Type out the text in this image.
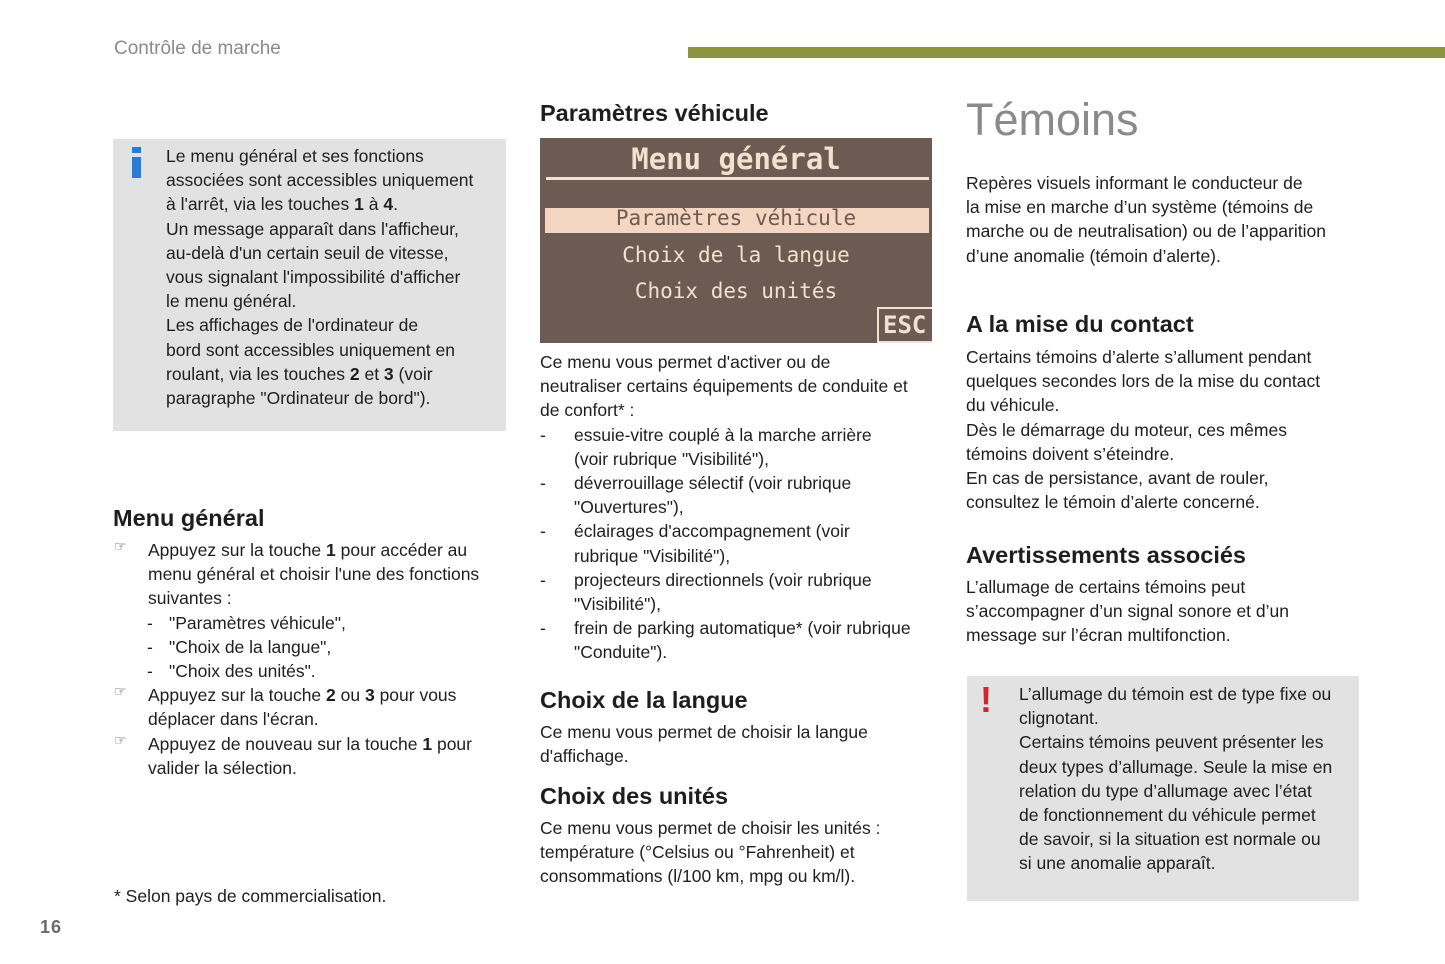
Contrôle de marche
16

Le menu général et ses fonctions

associées sont accessibles uniquement

à l'arrêt, via les touches 1 à 4.

Un message apparaît dans l'afficheur,

au-delà d'un certain seuil de vitesse,

vous signalant l'impossibilité d'afficher

le menu général.

Les affichages de l'ordinateur de

bord sont accessibles uniquement en

roulant, via les touches 2 et 3 (voir

paragraphe "Ordinateur de bord").

Menu général
☞ Appuyez sur la touche 1 pour accéder au

menu général et choisir l'une des fonctions

suivantes :

- "Paramètres véhicule",

- "Choix de la langue",

- "Choix des unités".

☞ Appuyez sur la touche 2 ou 3 pour vous

déplacer dans l'écran.

☞ Appuyez de nouveau sur la touche 1 pour

valider la sélection.

* Selon pays de commercialisation.

Paramètres véhicule
Menu général
Paramètres véhicule
Choix de la langue
Choix des unités
ESC

Ce menu vous permet d'activer ou de

neutraliser certains équipements de conduite et

de confort* :

- essuie-vitre couplé à la marche arrière

(voir rubrique "Visibilité"),

- déverrouillage sélectif (voir rubrique

"Ouvertures"),

- éclairages d'accompagnement (voir

rubrique "Visibilité"),

- projecteurs directionnels (voir rubrique

"Visibilité"),

- frein de parking automatique* (voir rubrique

"Conduite").

Choix de la langue

Ce menu vous permet de choisir la langue

d'affichage.

Choix des unités

Ce menu vous permet de choisir les unités :

température (°Celsius ou °Fahrenheit) et

consommations (l/100 km, mpg ou km/l).

Témoins

Repères visuels informant le conducteur de

la mise en marche d’un système (témoins de

marche ou de neutralisation) ou de l’apparition

d’une anomalie (témoin d’alerte).

A la mise du contact

Certains témoins d’alerte s’allument pendant

quelques secondes lors de la mise du contact

du véhicule.

Dès le démarrage du moteur, ces mêmes

témoins doivent s’éteindre.

En cas de persistance, avant de rouler,

consultez le témoin d’alerte concerné.

Avertissements associés

L’allumage de certains témoins peut

s’accompagner d’un signal sonore et d’un

message sur l’écran multifonction.

! L’allumage du témoin est de type fixe ou

clignotant.

Certains témoins peuvent présenter les

deux types d’allumage. Seule la mise en

relation du type d’allumage avec l’état

de fonctionnement du véhicule permet

de savoir, si la situation est normale ou

si une anomalie apparaît.
